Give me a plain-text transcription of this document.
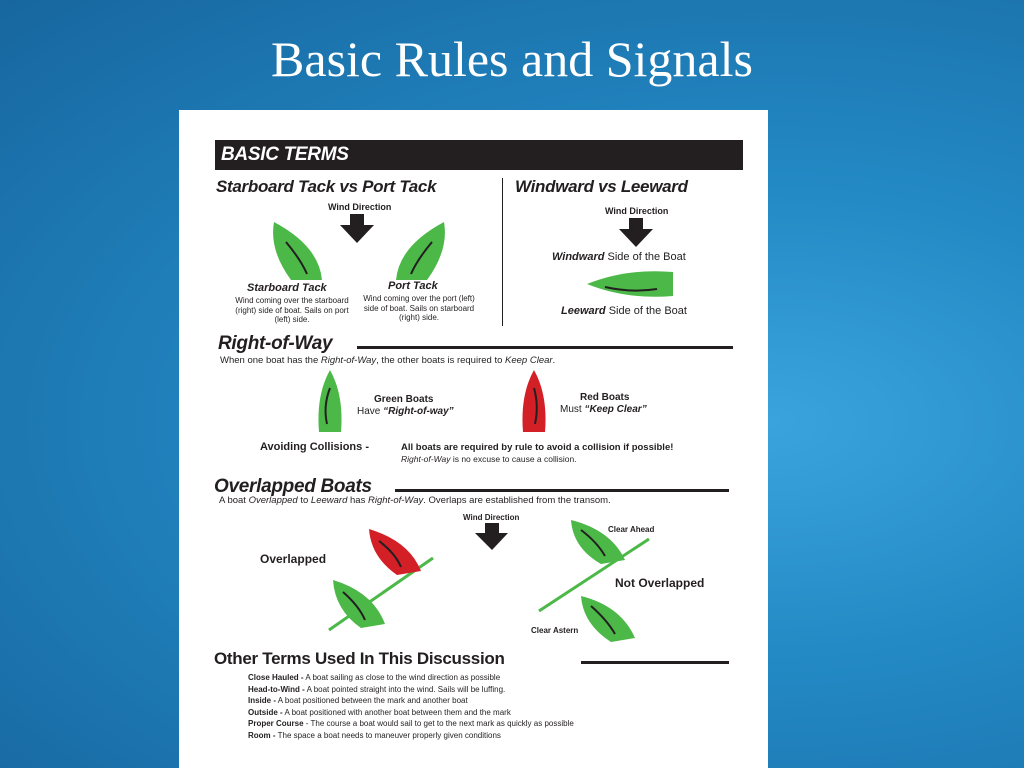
Basic Rules and Signals
BASIC TERMS
Starboard Tack vs Port Tack
Wind Direction
Starboard Tack
Wind coming over the starboard (right) side of boat. Sails on port (left) side.
Port Tack
Wind coming over the port (left) side of boat. Sails on starboard (right) side.
Windward vs Leeward
Wind Direction
Windward Side of the Boat
Leeward Side of the Boat
Right-of-Way
When one boat has the Right-of-Way, the other boats is required to Keep Clear.
Green Boats
Have “Right-of-way”
Red Boats
Must “Keep Clear”
Avoiding Collisions -	All boats are required by rule to avoid a collision if possible!
Right-of-Way is no excuse to cause a collision.
Overlapped Boats
A boat Overlapped to Leeward has Right-of-Way. Overlaps are established from the transom.
Wind Direction
Overlapped
Clear Ahead
Not Overlapped
Clear Astern
Other Terms Used In This Discussion
Close Hauled - A boat sailing as close to the wind direction as possible
Head-to-Wind - A boat pointed straight into the wind. Sails will be luffing.
Inside - A boat positioned between the mark and another boat
Outside - A boat positioned with another boat between them and the mark
Proper Course - The course a boat would sail to get to the next mark as quickly as possible
Room - The space a boat needs to maneuver properly given conditions
